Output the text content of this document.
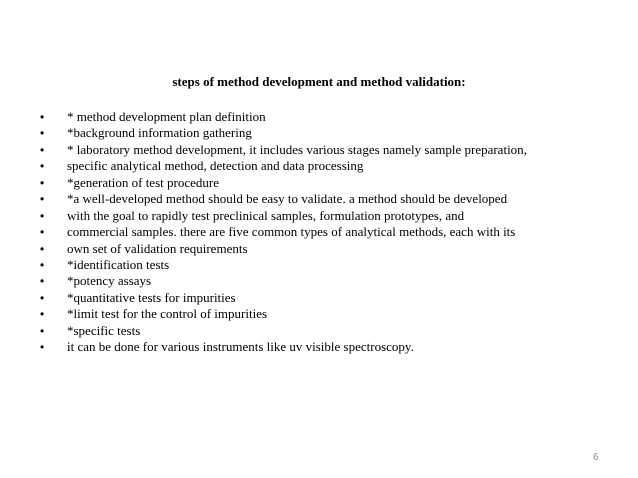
steps of method development and method validation:
•	* method development plan definition
•	*background information gathering
•	* laboratory method development, it includes various stages namely sample preparation,
•	specific analytical method, detection and data processing
•	*generation of test procedure
•	*a well-developed method should be easy to validate. a method should be developed
•	with the goal to rapidly test preclinical samples, formulation prototypes, and
•	commercial samples. there are five common types of analytical methods, each with its
•	own set of validation requirements
•	*identification tests
•	*potency assays
•	*quantitative tests for impurities
•	*limit test for the control of impurities
•	*specific tests
•	it can be done for various instruments like uv visible spectroscopy.
6
